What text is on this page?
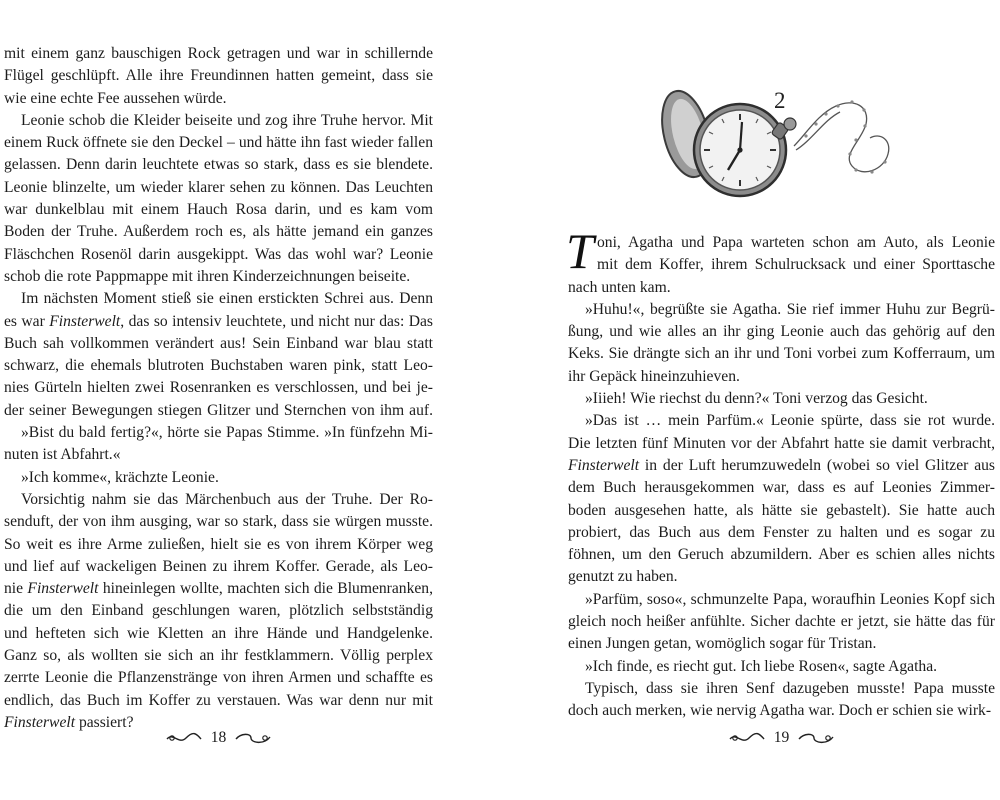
mit einem ganz bauschigen Rock getragen und war in schillernde
Flügel geschlüpft. Alle ihre Freundinnen hatten gemeint, dass sie
wie eine echte Fee aussehen würde.
Leonie schob die Kleider beiseite und zog ihre Truhe hervor. Mit
einem Ruck öffnete sie den Deckel – und hätte ihn fast wieder fallen
gelassen. Denn darin leuchtete etwas so stark, dass es sie blendete.
Leonie blinzelte, um wieder klarer sehen zu können. Das Leuchten
war dunkelblau mit einem Hauch Rosa darin, und es kam vom
Boden der Truhe. Außerdem roch es, als hätte jemand ein ganzes
Fläschchen Rosenöl darin ausgekippt. Was das wohl war? Leonie
schob die rote Pappmappe mit ihren Kinderzeichnungen beiseite.
Im nächsten Moment stieß sie einen erstickten Schrei aus. Denn
es war Finsterwelt, das so intensiv leuchtete, und nicht nur das: Das
Buch sah vollkommen verändert aus! Sein Einband war blau statt
schwarz, die ehemals blutroten Buchstaben waren pink, statt Leo-
nies Gürteln hielten zwei Rosenranken es verschlossen, und bei je-
der seiner Bewegungen stiegen Glitzer und Sternchen von ihm auf.
»Bist du bald fertig?«, hörte sie Papas Stimme. »In fünfzehn Mi-
nuten ist Abfahrt.«
»Ich komme«, krächzte Leonie.
Vorsichtig nahm sie das Märchenbuch aus der Truhe. Der Ro-
senduft, der von ihm ausging, war so stark, dass sie würgen musste.
So weit es ihre Arme zuließen, hielt sie es von ihrem Körper weg
und lief auf wackeligen Beinen zu ihrem Koffer. Gerade, als Leo-
nie Finsterwelt hineinlegen wollte, machten sich die Blumenranken,
die um den Einband geschlungen waren, plötzlich selbstständig
und hefteten sich wie Kletten an ihre Hände und Handgelenke.
Ganz so, als wollten sie sich an ihr festklammern. Völlig perplex
zerrte Leonie die Pflanzenstränge von ihren Armen und schaffte es
endlich, das Buch im Koffer zu verstauen. Was war denn nur mit
Finsterwelt passiert?
18
2
T oni, Agatha und Papa warteten schon am Auto, als Leonie
mit dem Koffer, ihrem Schulrucksack und einer Sporttasche
nach unten kam.
»Huhu!«, begrüßte sie Agatha. Sie rief immer Huhu zur Begrü-
ßung, und wie alles an ihr ging Leonie auch das gehörig auf den
Keks. Sie drängte sich an ihr und Toni vorbei zum Kofferraum, um
ihr Gepäck hineinzuhieven.
»Iiieh! Wie riechst du denn?« Toni verzog das Gesicht.
»Das ist … mein Parfüm.« Leonie spürte, dass sie rot wurde.
Die letzten fünf Minuten vor der Abfahrt hatte sie damit verbracht,
Finsterwelt in der Luft herumzuwedeln (wobei so viel Glitzer aus
dem Buch herausgekommen war, dass es auf Leonies Zimmer-
boden ausgesehen hatte, als hätte sie gebastelt). Sie hatte auch
probiert, das Buch aus dem Fenster zu halten und es sogar zu
föhnen, um den Geruch abzumildern. Aber es schien alles nichts
genutzt zu haben.
»Parfüm, soso«, schmunzelte Papa, woraufhin Leonies Kopf sich
gleich noch heißer anfühlte. Sicher dachte er jetzt, sie hätte das für
einen Jungen getan, womöglich sogar für Tristan.
»Ich finde, es riecht gut. Ich liebe Rosen«, sagte Agatha.
Typisch, dass sie ihren Senf dazugeben musste! Papa musste
doch auch merken, wie nervig Agatha war. Doch er schien sie wirk-
19
